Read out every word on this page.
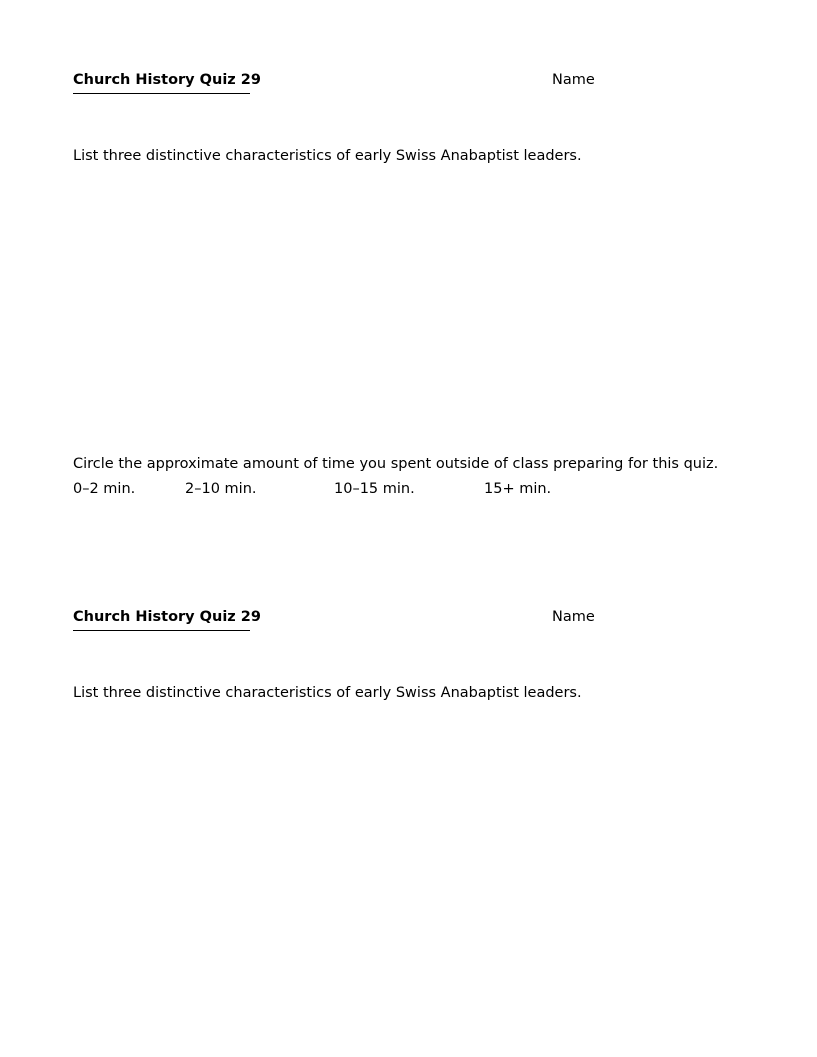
Church History Quiz 29	Name
List three distinctive characteristics of early Swiss Anabaptist leaders.
Circle the approximate amount of time you spent outside of class preparing for this quiz.
0–2 min.	2–10 min.	10–15 min.	15+ min.
Church History Quiz 29	Name
List three distinctive characteristics of early Swiss Anabaptist leaders.
